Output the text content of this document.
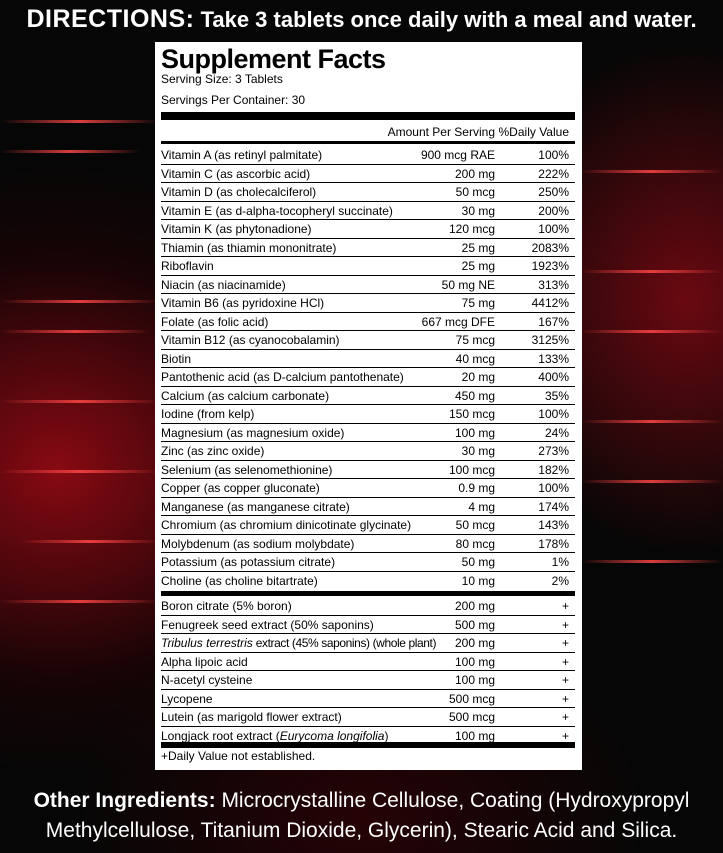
DIRECTIONS: Take 3 tablets once daily with a meal and water.
Supplement Facts
Serving Size: 3 Tablets
Servings Per Container: 30
Amount Per Serving %Daily Value
Vitamin A (as retinyl palmitate)	900 mcg RAE	100%
Vitamin C (as ascorbic acid)	200 mg	222%
Vitamin D (as cholecalciferol)	50 mcg	250%
Vitamin E (as d-alpha-tocopheryl succinate)	30 mg	200%
Vitamin K (as phytonadione)	120 mcg	100%
Thiamin (as thiamin mononitrate)	25 mg	2083%
Riboflavin	25 mg	1923%
Niacin (as niacinamide)	50 mg NE	313%
Vitamin B6 (as pyridoxine HCl)	75 mg	4412%
Folate (as folic acid)	667 mcg DFE	167%
Vitamin B12 (as cyanocobalamin)	75 mcg	3125%
Biotin	40 mcg	133%
Pantothenic acid (as D-calcium pantothenate)	20 mg	400%
Calcium (as calcium carbonate)	450 mg	35%
Iodine (from kelp)	150 mcg	100%
Magnesium (as magnesium oxide)	100 mg	24%
Zinc (as zinc oxide)	30 mg	273%
Selenium (as selenomethionine)	100 mcg	182%
Copper (as copper gluconate)	0.9 mg	100%
Manganese (as manganese citrate)	4 mg	174%
Chromium (as chromium dinicotinate glycinate)	50 mcg	143%
Molybdenum (as sodium molybdate)	80 mcg	178%
Potassium (as potassium citrate)	50 mg	1%
Choline (as choline bitartrate)	10 mg	2%
Boron citrate (5% boron)	200 mg	+
Fenugreek seed extract (50% saponins)	500 mg	+
Tribulus terrestris extract (45% saponins) (whole plant) 200 mg	+
Alpha lipoic acid	100 mg	+
N-acetyl cysteine	100 mg	+
Lycopene	500 mcg	+
Lutein (as marigold flower extract)	500 mcg	+
Longjack root extract (Eurycoma longifolia)	100 mg	+
+Daily Value not established.
Other Ingredients: Microcrystalline Cellulose, Coating (Hydroxypropyl
Methylcellulose, Titanium Dioxide, Glycerin), Stearic Acid and Silica.
